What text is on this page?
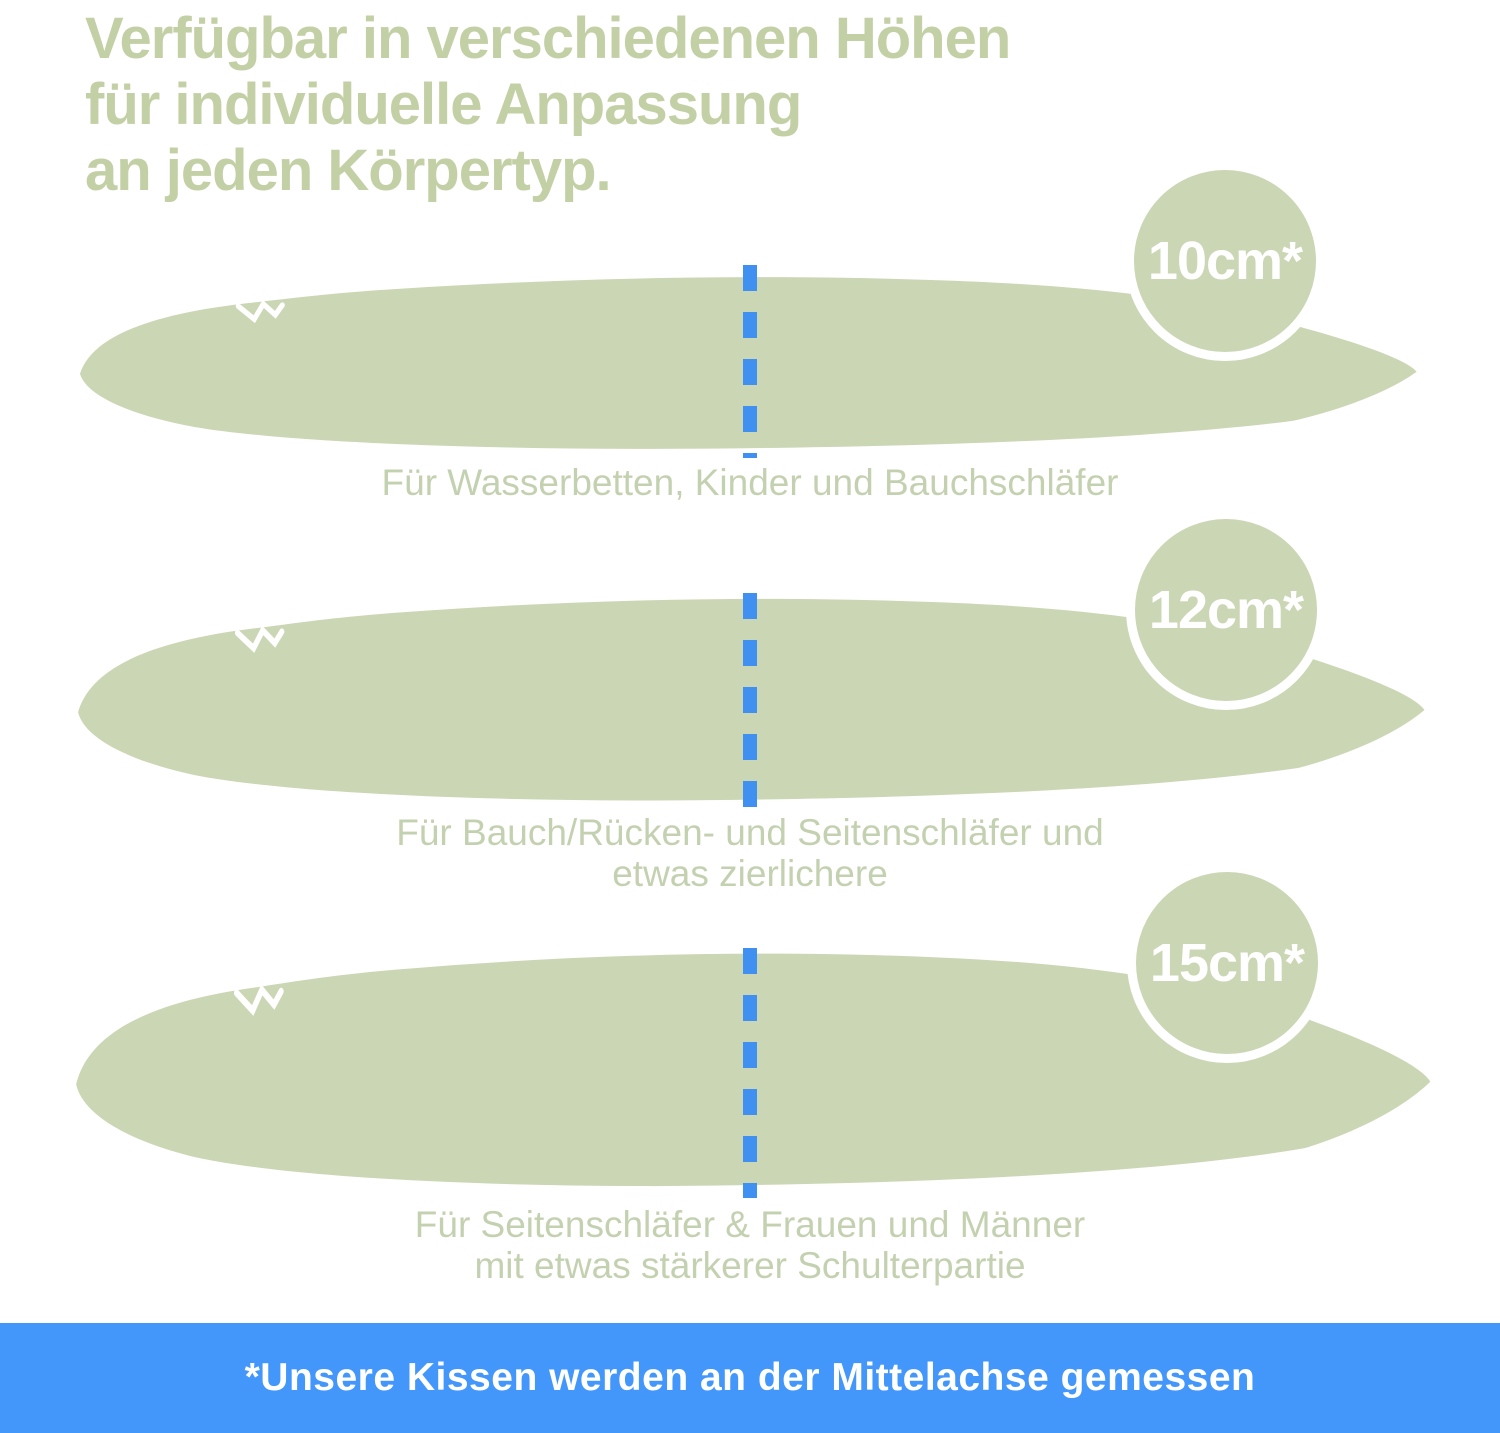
Verfügbar in verschiedenen Höhen
für individuelle Anpassung
an jeden Körpertyp.
10cm*
Für Wasserbetten, Kinder und Bauchschläfer
12cm*
Für Bauch/Rücken- und Seitenschläfer und
etwas zierlichere
15cm*
Für Seitenschläfer & Frauen und Männer
mit etwas stärkerer Schulterpartie
*Unsere Kissen werden an der Mittelachse gemessen
